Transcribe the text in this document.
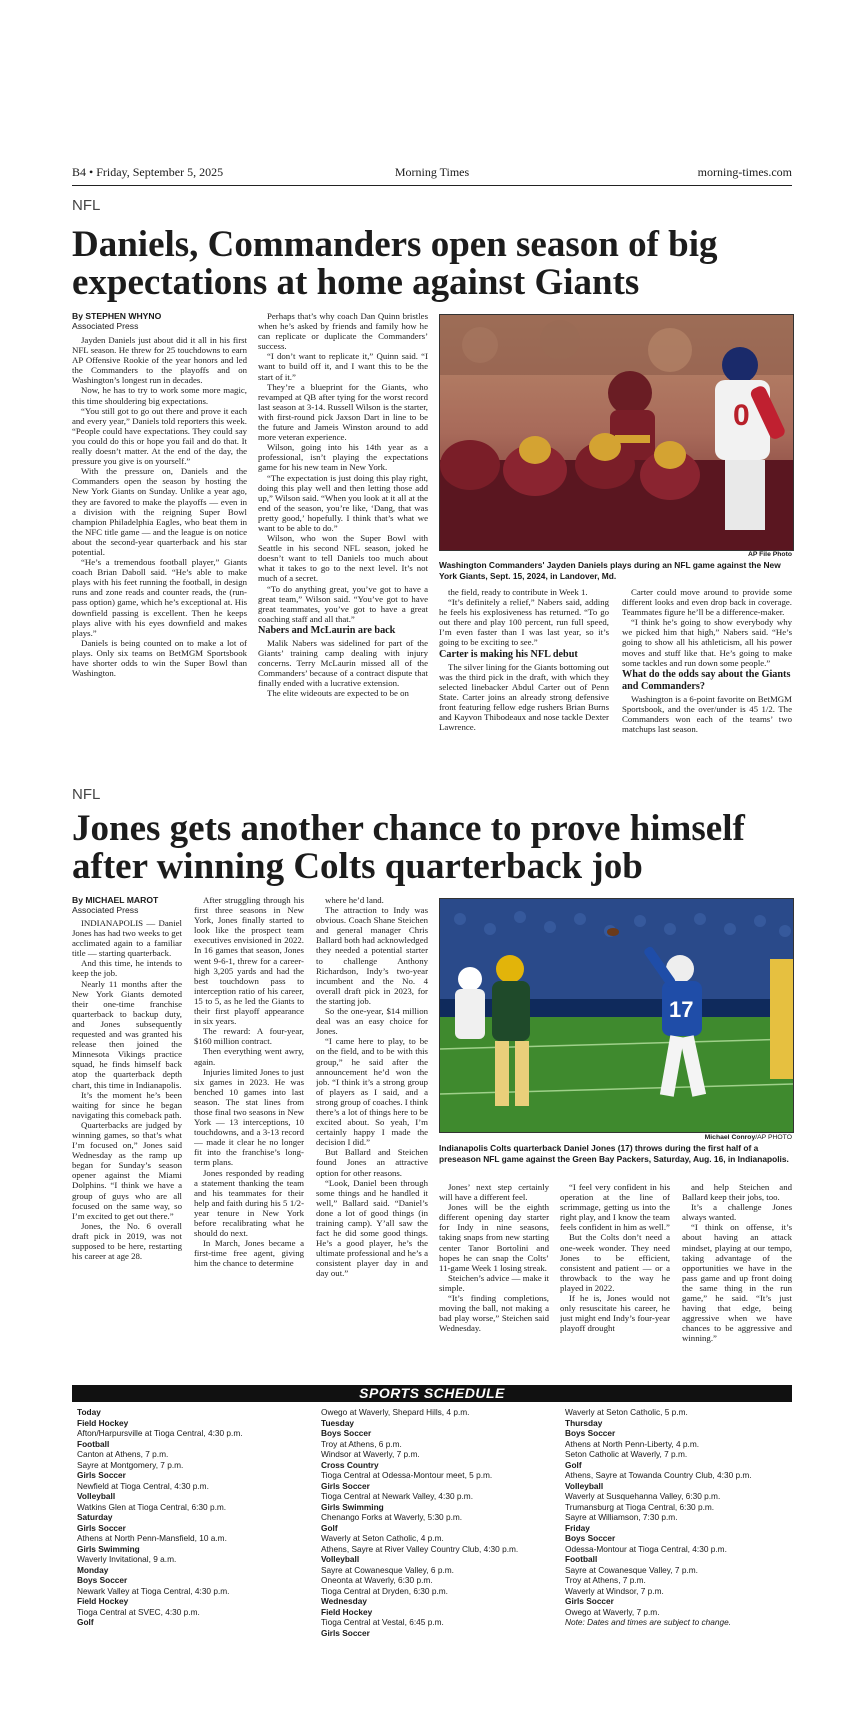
B4 • Friday, September 5, 2025	Morning Times	morning-times.com
NFL
Daniels, Commanders open season of big expectations at home against Giants
By STEPHEN WHYNO
Associated Press

Jayden Daniels just about did it all in his first NFL season. He threw for 25 touchdowns to earn AP Offensive Rookie of the year honors and led the Commanders to the playoffs and on Washington’s longest run in decades.

Now, he has to try to work some more magic, this time shouldering big expectations.

“You still got to go out there and prove it each and every year,” Daniels told reporters this week. “People could have expectations. They could say you could do this or hope you fail and do that. It really doesn’t matter. At the end of the day, the pressure you give is on yourself.”

With the pressure on, Daniels and the Commanders open the season by hosting the New York Giants on Sunday. Unlike a year ago, they are favored to make the playoffs — even in a division with the reigning Super Bowl champion Philadelphia Eagles, who beat them in the NFC title game — and the league is on notice about the second-year quarterback and his star potential.

“He’s a tremendous football player,” Giants coach Brian Daboll said. “He’s able to make plays with his feet running the football, in design runs and zone reads and counter reads, the (run-pass option) game, which he’s exceptional at. His downfield passing is excellent. Then he keeps plays alive with his eyes downfield and makes plays.”

Daniels is being counted on to make a lot of plays. Only six teams on BetMGM Sportsbook have shorter odds to win the Super Bowl than Washington.

Perhaps that’s why coach Dan Quinn bristles when he’s asked by friends and family how he can replicate or duplicate the Commanders’ success.

“I don’t want to replicate it,” Quinn said. “I want to build off it, and I want this to be the start of it.”

They’re a blueprint for the Giants, who revamped at QB after tying for the worst record last season at 3-14. Russell Wilson is the starter, with first-round pick Jaxson Dart in line to be the future and Jameis Winston around to add more veteran experience.

Wilson, going into his 14th year as a professional, isn’t playing the expectations game for his new team in New York.

“The expectation is just doing this play right, doing this play well and then letting those add up,” Wilson said. “When you look at it all at the end of the season, you’re like, ‘Dang, that was pretty good,’ hopefully. I think that’s what we want to be able to do.”

Wilson, who won the Super Bowl with Seattle in his second NFL season, joked he doesn’t want to tell Daniels too much about what it takes to go to the next level. It’s not much of a secret.

“To do anything great, you’ve got to have a great team,” Wilson said. “You’ve got to have great teammates, you’ve got to have a great coaching staff and all that.”

Nabers and McLaurin are back

Malik Nabers was sidelined for part of the Giants’ training camp dealing with injury concerns. Terry McLaurin missed all of the Commanders’ because of a contract dispute that finally ended with a lucrative extension.

The elite wideouts are expected to be on

0
AP File Photo
Washington Commanders' Jayden Daniels plays during an NFL game against the New York Giants, Sept. 15, 2024, in Landover, Md.

the field, ready to contribute in Week 1.

“It’s definitely a relief,” Nabers said, adding he feels his explosiveness has returned. “To go out there and play 100 percent, run full speed, I’m even faster than I was last year, so it’s going to be exciting to see.”

Carter is making his NFL debut

The silver lining for the Giants bottoming out was the third pick in the draft, with which they selected linebacker Abdul Carter out of Penn State. Carter joins an already strong defensive front featuring fellow edge rushers Brian Burns and Kayvon Thibodeaux and nose tackle Dexter Lawrence.

Carter could move around to provide some different looks and even drop back in coverage. Teammates figure he’ll be a difference-maker.

“I think he’s going to show everybody why we picked him that high,” Nabers said. “He’s going to show all his athleticism, all his power moves and stuff like that. He’s going to make some tackles and run down some people.”

What do the odds say about the Giants and Commanders?

Washington is a 6-point favorite on BetMGM Sportsbook, and the over/under is 45 1/2. The Commanders won each of the teams’ two matchups last season.

NFL
Jones gets another chance to prove himself after winning Colts quarterback job
By MICHAEL MAROT
Associated Press

INDIANAPOLIS — Daniel Jones has had two weeks to get acclimated again to a familiar title — starting quarterback.

And this time, he intends to keep the job.

Nearly 11 months after the New York Giants demoted their one-time franchise quarterback to backup duty, and Jones subsequently requested and was granted his release then joined the Minnesota Vikings practice squad, he finds himself back atop the quarterback depth chart, this time in Indianapolis.

It’s the moment he’s been waiting for since he began navigating this comeback path.

Quarterbacks are judged by winning games, so that’s what I’m focused on,” Jones said Wednesday as the ramp up began for Sunday’s season opener against the Miami Dolphins. “I think we have a group of guys who are all focused on the same way, so I’m excited to get out there.”

Jones, the No. 6 overall draft pick in 2019, was not supposed to be here, restarting his career at age 28.

After struggling through his first three seasons in New York, Jones finally started to look like the prospect team executives envisioned in 2022. In 16 games that season, Jones went 9-6-1, threw for a career-high 3,205 yards and had the best touchdown pass to interception ratio of his career, 15 to 5, as he led the Giants to their first playoff appearance in six years.

The reward: A four-year, $160 million contract.

Then everything went awry, again.

Injuries limited Jones to just six games in 2023. He was benched 10 games into last season. The stat lines from those final two seasons in New York — 13 interceptions, 10 touchdowns, and a 3-13 record — made it clear he no longer fit into the franchise’s long-term plans.

Jones responded by reading a statement thanking the team and his teammates for their help and faith during his 5 1/2-year tenure in New York before recalibrating what he should do next.

In March, Jones became a first-time free agent, giving him the chance to determine

where he’d land.

The attraction to Indy was obvious. Coach Shane Steichen and general manager Chris Ballard both had acknowledged they needed a potential starter to challenge Anthony Richardson, Indy’s two-year incumbent and the No. 4 overall draft pick in 2023, for the starting job.

So the one-year, $14 million deal was an easy choice for Jones.

“I came here to play, to be on the field, and to be with this group,” he said after the announcement he’d won the job. “I think it’s a strong group of players as I said, and a strong group of coaches. I think there’s a lot of things here to be excited about. So yeah, I’m certainly happy I made the decision I did.”

But Ballard and Steichen found Jones an attractive option for other reasons.

“Look, Daniel been through some things and he handled it well,” Ballard said. “Daniel’s done a lot of good things (in training camp). Y’all saw the fact he did some good things. He’s a good player, he’s the ultimate professional and he’s a consistent player day in and day out.”

17
Michael Conroy/AP PHOTO
Indianapolis Colts quarterback Daniel Jones (17) throws during the first half of a preseason NFL game against the Green Bay Packers, Saturday, Aug. 16, in Indianapolis.

Jones’ next step certainly will have a different feel.

Jones will be the eighth different opening day starter for Indy in nine seasons, taking snaps from new starting center Tanor Bortolini and hopes he can snap the Colts’ 11-game Week 1 losing streak.

Steichen’s advice — make it simple.

“It’s finding completions, moving the ball, not making a bad play worse,” Steichen said Wednesday.

“I feel very confident in his operation at the line of scrimmage, getting us into the right play, and I know the team feels confident in him as well.”

But the Colts don’t need a one-week wonder. They need Jones to be efficient, consistent and patient — or a throwback to the way he played in 2022.

If he is, Jones would not only resuscitate his career, he just might end Indy’s four-year playoff drought

and help Steichen and Ballard keep their jobs, too.

It’s a challenge Jones always wanted.

“I think on offense, it’s about having an attack mindset, playing at our tempo, taking advantage of the opportunities we have in the pass game and up front doing the same thing in the run game,” he said. “It’s just having that edge, being aggressive when we have chances to be aggressive and winning.”

SPORTS SCHEDULE
Today
Field Hockey
Afton/Harpursville at Tioga Central, 4:30 p.m.
Football
Canton at Athens, 7 p.m.
Sayre at Montgomery, 7 p.m.
Girls Soccer
Newfield at Tioga Central, 4:30 p.m.
Volleyball
Watkins Glen at Tioga Central, 6:30 p.m.
Saturday
Girls Soccer
Athens at North Penn-Mansfield, 10 a.m.
Girls Swimming
Waverly Invitational, 9 a.m.
Monday
Boys Soccer
Newark Valley at Tioga Central, 4:30 p.m.
Field Hockey
Tioga Central at SVEC, 4:30 p.m.
Golf
Owego at Waverly, Shepard Hills, 4 p.m.
Tuesday
Boys Soccer
Troy at Athens, 6 p.m.
Windsor at Waverly, 7 p.m.
Cross Country
Tioga Central at Odessa-Montour meet, 5 p.m.
Girls Soccer
Tioga Central at Newark Valley, 4:30 p.m.
Girls Swimming
Chenango Forks at Waverly, 5:30 p.m.
Golf
Waverly at Seton Catholic, 4 p.m.
Athens, Sayre at River Valley Country Club, 4:30 p.m.
Volleyball
Sayre at Cowanesque Valley, 6 p.m.
Oneonta at Waverly, 6:30 p.m.
Tioga Central at Dryden, 6:30 p.m.
Wednesday
Field Hockey
Tioga Central at Vestal, 6:45 p.m.
Girls Soccer
Waverly at Seton Catholic, 5 p.m.
Thursday
Boys Soccer
Athens at North Penn-Liberty, 4 p.m.
Seton Catholic at Waverly, 7 p.m.
Golf
Athens, Sayre at Towanda Country Club, 4:30 p.m.
Volleyball
Waverly at Susquehanna Valley, 6:30 p.m.
Trumansburg at Tioga Central, 6:30 p.m.
Sayre at Williamson, 7:30 p.m.
Friday
Boys Soccer
Odessa-Montour at Tioga Central, 4:30 p.m.
Football
Sayre at Cowanesque Valley, 7 p.m.
Troy at Athens, 7 p.m.
Waverly at Windsor, 7 p.m.
Girls Soccer
Owego at Waverly, 7 p.m.
Note: Dates and times are subject to change.
